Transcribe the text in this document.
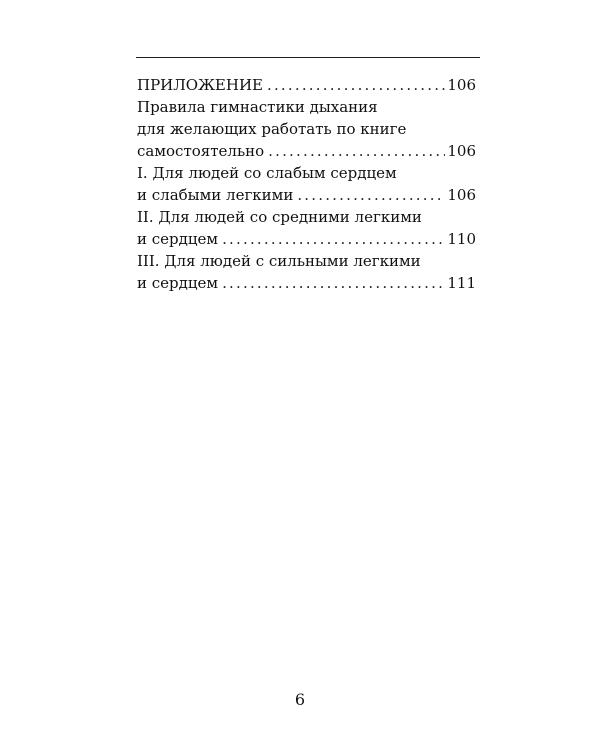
ПРИЛОЖЕНИЕ .....	106
Правила гимнастики дыхания
для желающих работать по книге
самостоятельно .....	106
I. Для людей со слабым сердцем
и слабыми легкими .....	106
II. Для людей со средними легкими
и сердцем .....	110
III. Для людей с сильными легкими
и сердцем .....	111
6
